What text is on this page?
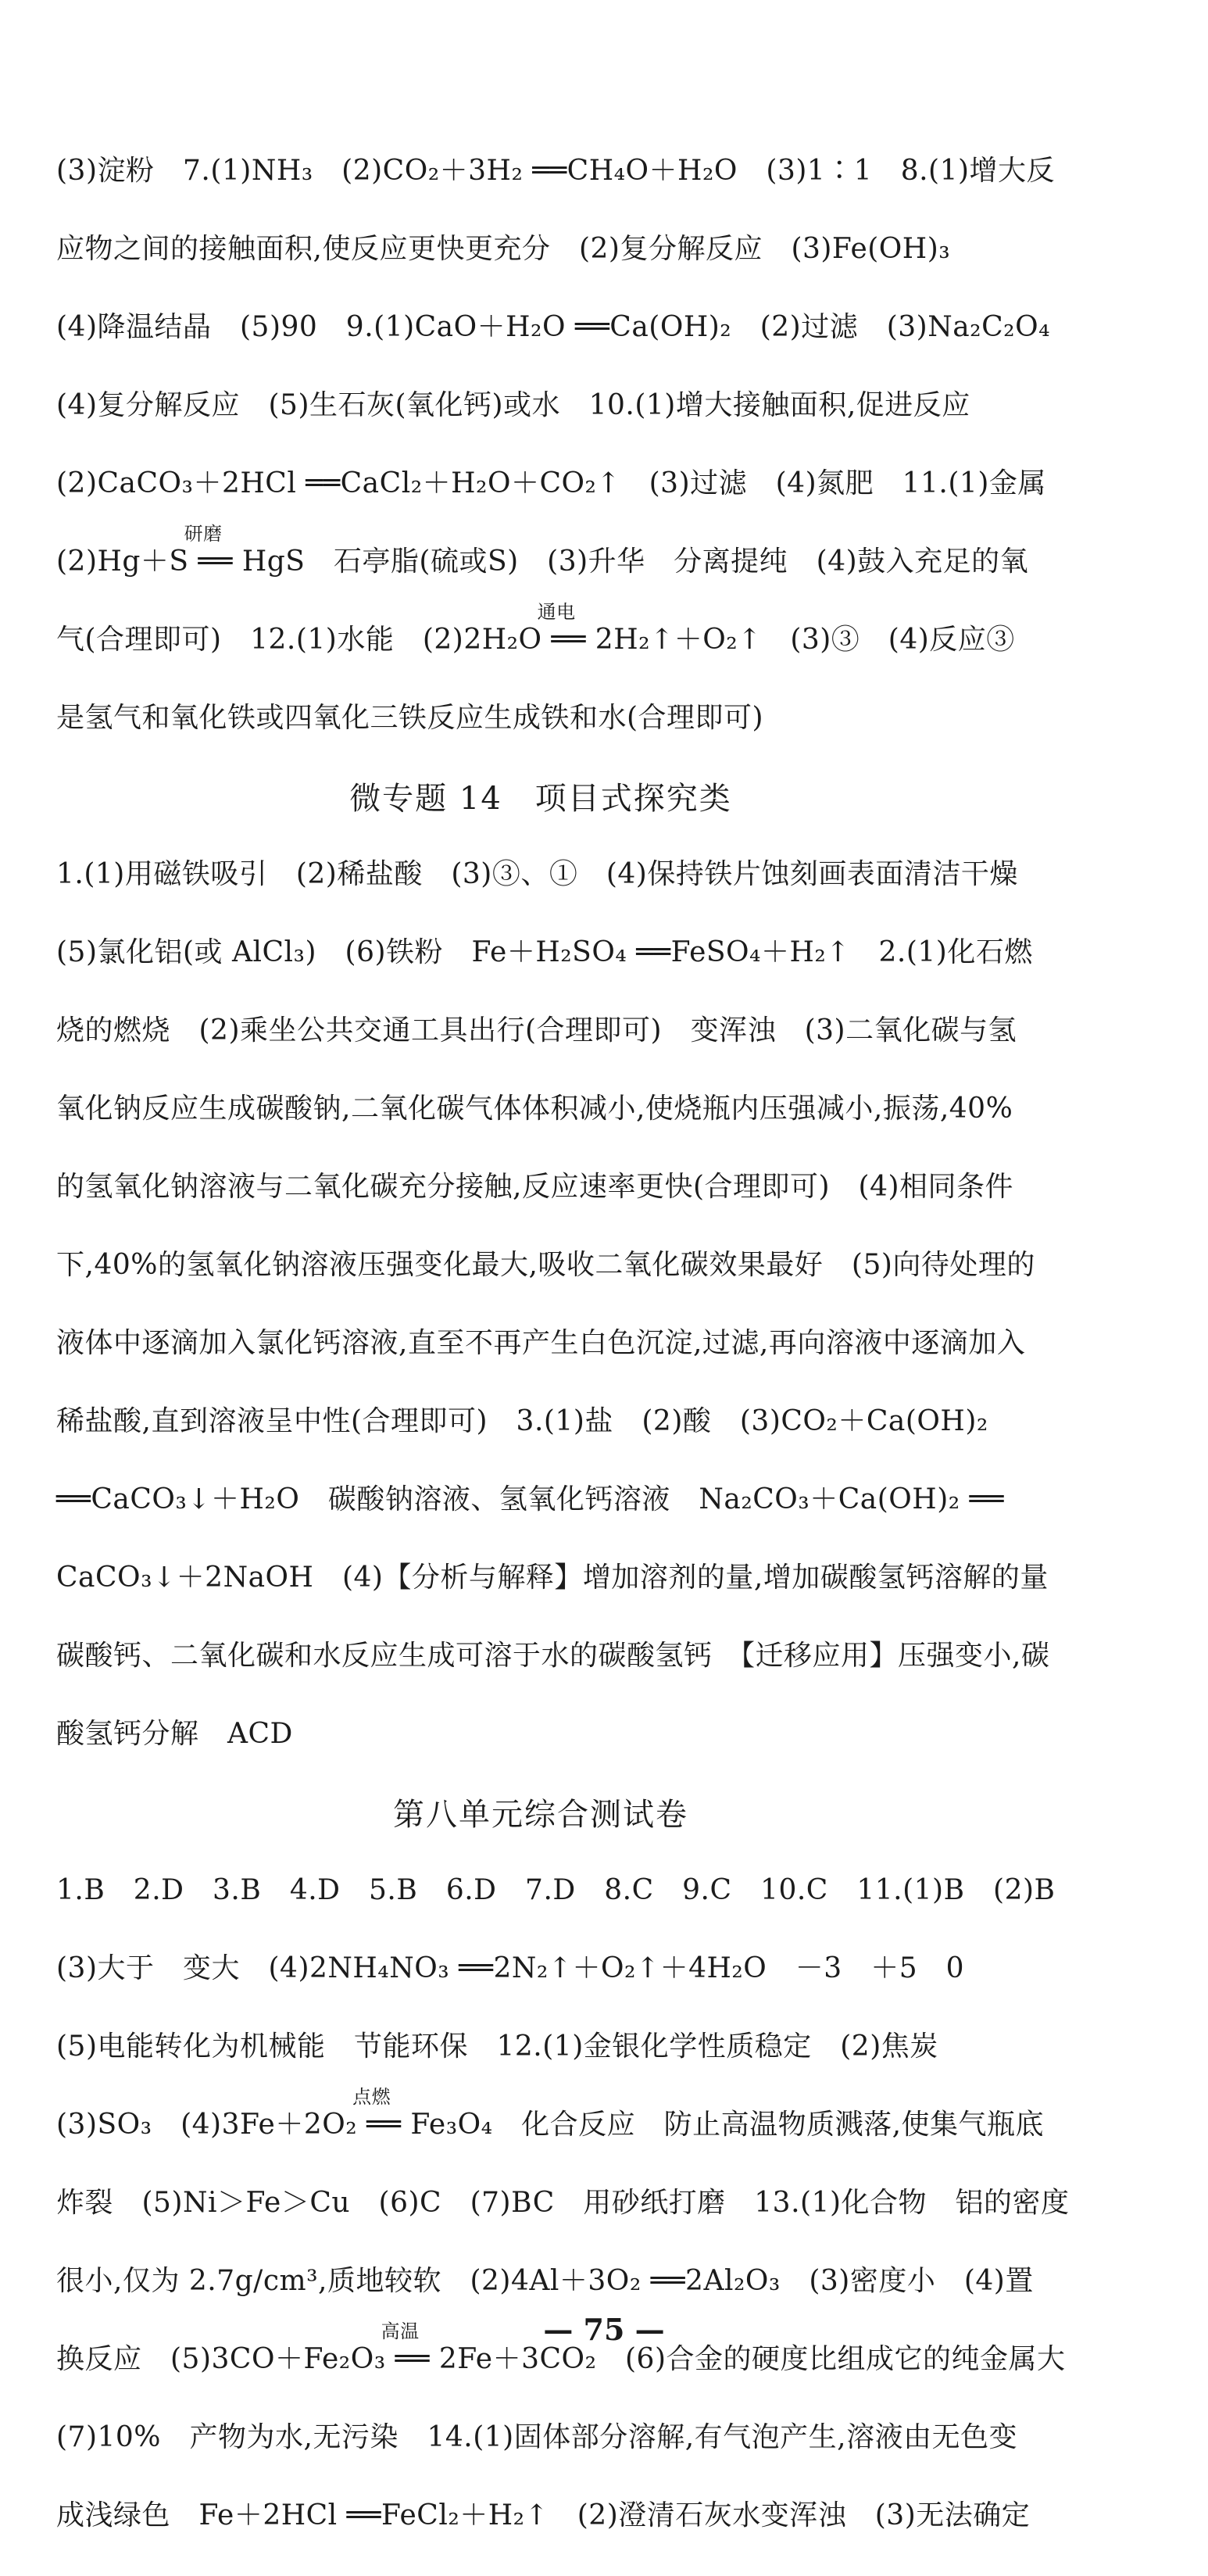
(3)淀粉　7.(1)NH₃　(2)CO₂＋3H₂ ══CH₄O＋H₂O　(3)1∶1　8.(1)增大反
应物之间的接触面积,使反应更快更充分　(2)复分解反应　(3)Fe(OH)₃
(4)降温结晶　(5)90　9.(1)CaO＋H₂O ══Ca(OH)₂　(2)过滤　(3)Na₂C₂O₄
(4)复分解反应　(5)生石灰(氧化钙)或水　10.(1)增大接触面积,促进反应
(2)CaCO₃＋2HCl ══CaCl₂＋H₂O＋CO₂↑　(3)过滤　(4)氮肥　11.(1)金属
(2)Hg＋S ══ HgS　石亭脂(硫或S)　(3)升华　分离提纯　(4)鼓入充足的氧
研磨
气(合理即可)　12.(1)水能　(2)2H₂O ══ 2H₂↑＋O₂↑　(3)③　(4)反应③
通电
是氢气和氧化铁或四氧化三铁反应生成铁和水(合理即可)
微专题 14　项目式探究类
1.(1)用磁铁吸引　(2)稀盐酸　(3)③、①　(4)保持铁片蚀刻画表面清洁干燥
(5)氯化铝(或 AlCl₃)　(6)铁粉　Fe＋H₂SO₄ ══FeSO₄＋H₂↑　2.(1)化石燃
烧的燃烧　(2)乘坐公共交通工具出行(合理即可)　变浑浊　(3)二氧化碳与氢
氧化钠反应生成碳酸钠,二氧化碳气体体积减小,使烧瓶内压强减小,振荡,40%
的氢氧化钠溶液与二氧化碳充分接触,反应速率更快(合理即可)　(4)相同条件
下,40%的氢氧化钠溶液压强变化最大,吸收二氧化碳效果最好　(5)向待处理的
液体中逐滴加入氯化钙溶液,直至不再产生白色沉淀,过滤,再向溶液中逐滴加入
稀盐酸,直到溶液呈中性(合理即可)　3.(1)盐　(2)酸　(3)CO₂＋Ca(OH)₂
══CaCO₃↓＋H₂O　碳酸钠溶液、氢氧化钙溶液　Na₂CO₃＋Ca(OH)₂ ══
CaCO₃↓＋2NaOH　(4)【分析与解释】增加溶剂的量,增加碳酸氢钙溶解的量
碳酸钙、二氧化碳和水反应生成可溶于水的碳酸氢钙　【迁移应用】压强变小,碳
酸氢钙分解　ACD
第八单元综合测试卷
1.B　2.D　3.B　4.D　5.B　6.D　7.D　8.C　9.C　10.C　11.(1)B　(2)B
(3)大于　变大　(4)2NH₄NO₃ ══2N₂↑＋O₂↑＋4H₂O　－3　＋5　0
(5)电能转化为机械能　节能环保　12.(1)金银化学性质稳定　(2)焦炭
(3)SO₃　(4)3Fe＋2O₂ ══ Fe₃O₄　化合反应　防止高温物质溅落,使集气瓶底
点燃
炸裂　(5)Ni＞Fe＞Cu　(6)C　(7)BC　用砂纸打磨　13.(1)化合物　铝的密度
很小,仅为 2.7g/cm³,质地较软　(2)4Al＋3O₂ ══2Al₂O₃　(3)密度小　(4)置
换反应　(5)3CO＋Fe₂O₃ ══ 2Fe＋3CO₂　(6)合金的硬度比组成它的纯金属大
高温
(7)10%　产物为水,无污染　14.(1)固体部分溶解,有气泡产生,溶液由无色变
成浅绿色　Fe＋2HCl ══FeCl₂＋H₂↑　(2)澄清石灰水变浑浊　(3)无法确定
— 75 —
